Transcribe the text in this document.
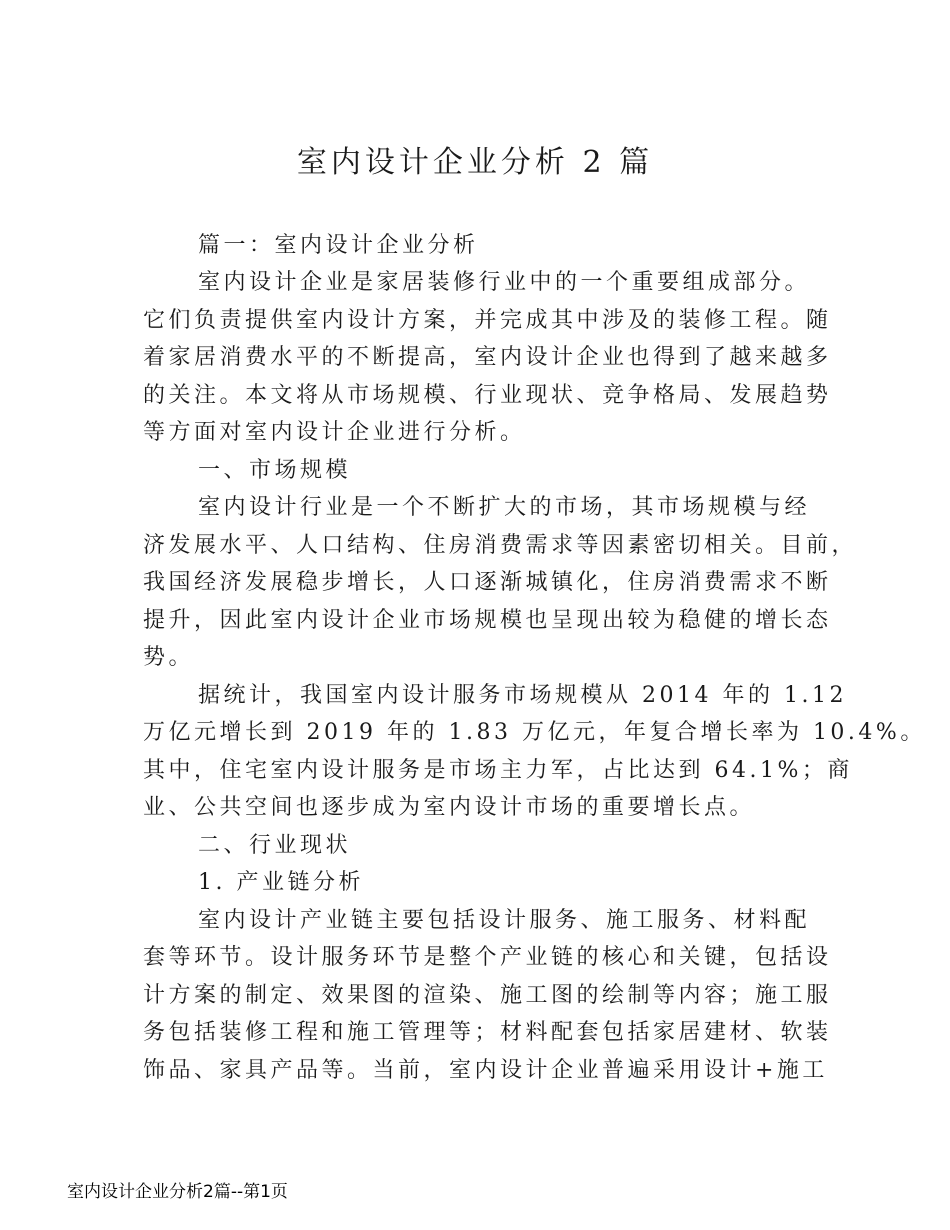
室内设计企业分析 2 篇

篇一：室内设计企业分析

室内设计企业是家居装修行业中的一个重要组成部分。

它们负责提供室内设计方案，并完成其中涉及的装修工程。随

着家居消费水平的不断提高，室内设计企业也得到了越来越多

的关注。本文将从市场规模、行业现状、竞争格局、发展趋势

等方面对室内设计企业进行分析。

一、市场规模

室内设计行业是一个不断扩大的市场，其市场规模与经

济发展水平、人口结构、住房消费需求等因素密切相关。目前，

我国经济发展稳步增长，人口逐渐城镇化，住房消费需求不断

提升，因此室内设计企业市场规模也呈现出较为稳健的增长态

势。

据统计，我国室内设计服务市场规模从 2014 年的 1.12

万亿元增长到 2019 年的 1.83 万亿元，年复合增长率为 10.4%。

其中，住宅室内设计服务是市场主力军，占比达到 64.1%；商

业、公共空间也逐步成为室内设计市场的重要增长点。

二、行业现状

1. 产业链分析

室内设计产业链主要包括设计服务、施工服务、材料配

套等环节。设计服务环节是整个产业链的核心和关键，包括设

计方案的制定、效果图的渲染、施工图的绘制等内容；施工服

务包括装修工程和施工管理等；材料配套包括家居建材、软装

饰品、家具产品等。当前，室内设计企业普遍采用设计+施工

室内设计企业分析2篇--第1页
